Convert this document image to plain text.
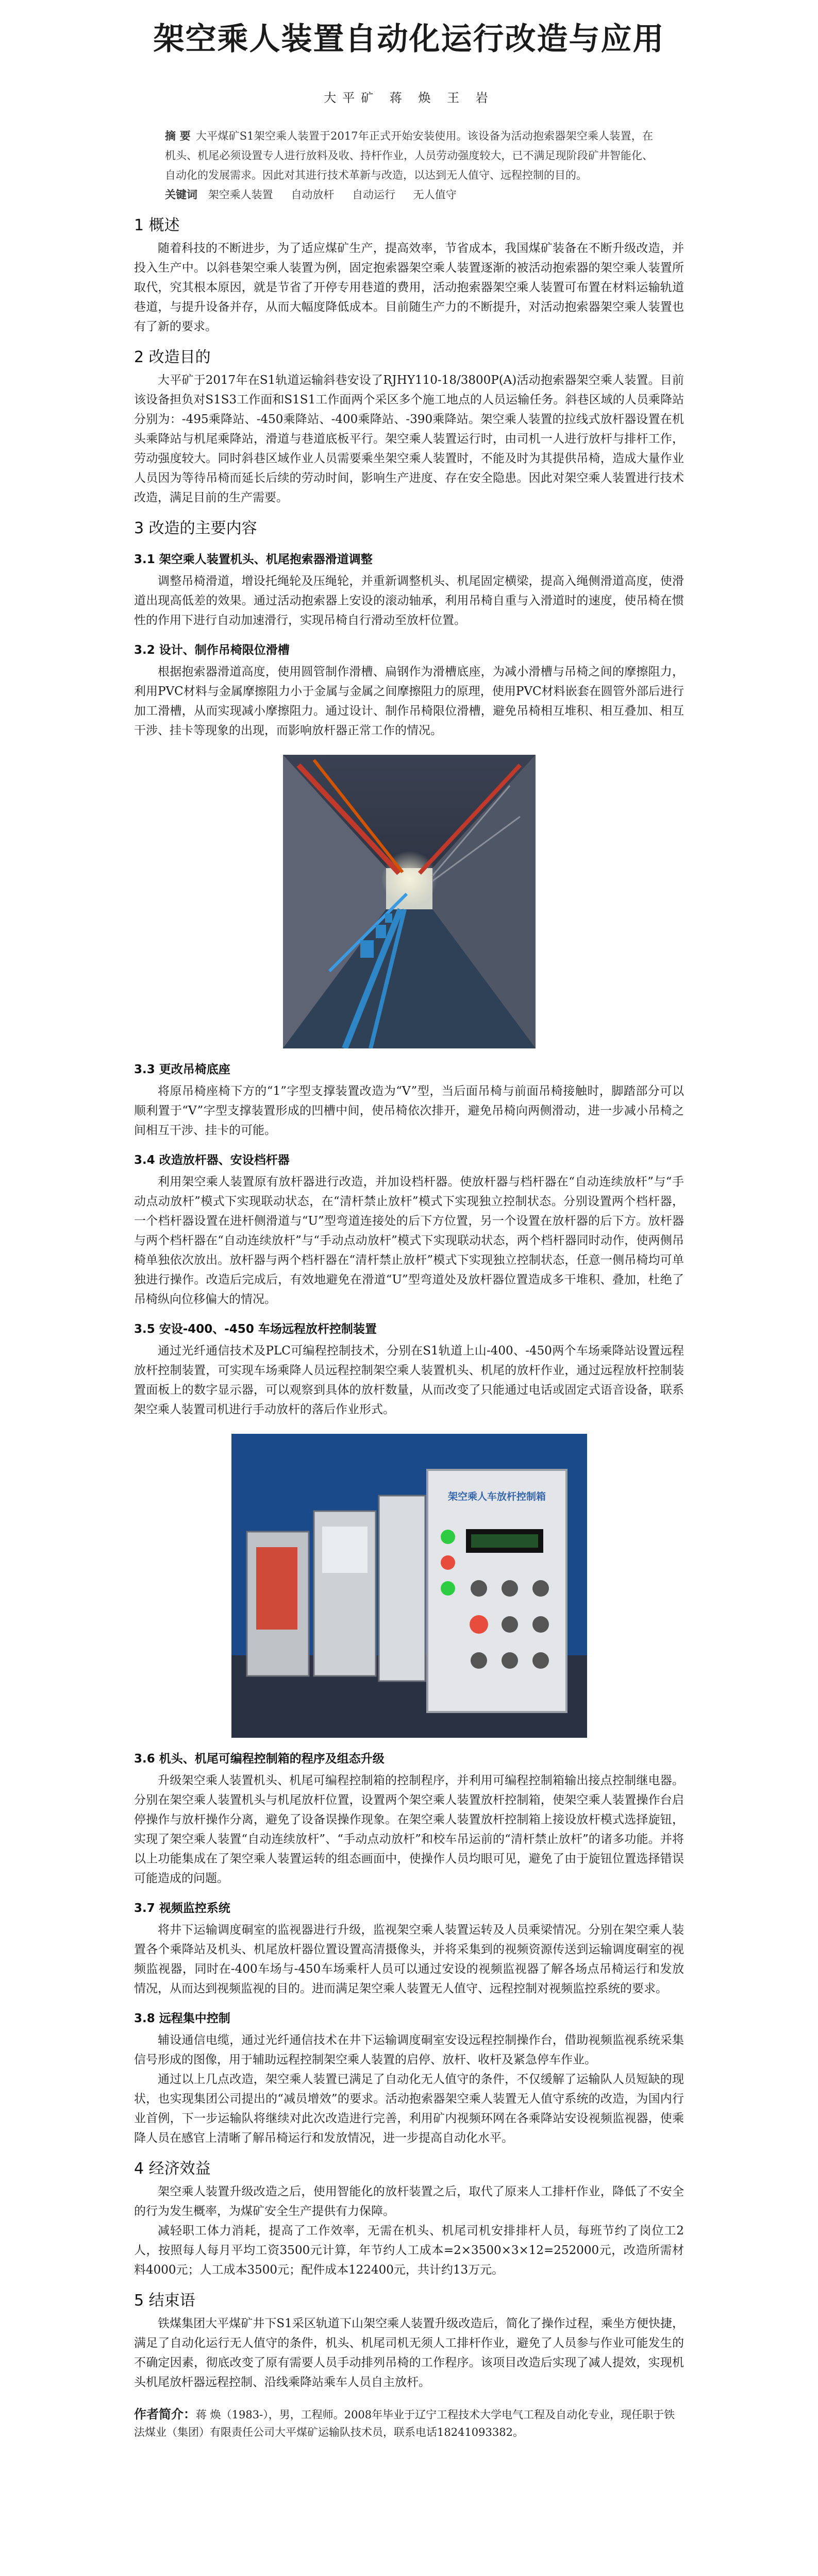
架空乘人装置自动化运行改造与应用
大平矿 蒋 焕 王 岩
摘 要 大平煤矿S1架空乘人装置于2017年正式开始安装使用。该设备为活动抱索器架空乘人装置，在机头、机尾必须设置专人进行放料及收、持杆作业，人员劳动强度较大，已不满足现阶段矿井智能化、自动化的发展需求。因此对其进行技术革新与改造，以达到无人值守、远程控制的目的。
关键词 架空乘人装置 自动放杆 自动运行 无人值守
1 概述

随着科技的不断进步，为了适应煤矿生产，提高效率，节省成本，我国煤矿装备在不断升级改造，并投入生产中。以斜巷架空乘人装置为例，固定抱索器架空乘人装置逐渐的被活动抱索器的架空乘人装置所取代，究其根本原因，就是节省了开停专用巷道的费用，活动抱索器架空乘人装置可布置在材料运输轨道巷道，与提升设备并存，从而大幅度降低成本。目前随生产力的不断提升，对活动抱索器架空乘人装置也有了新的要求。

2 改造目的

大平矿于2017年在S1轨道运输斜巷安设了RJHY110-18/3800P(A)活动抱索器架空乘人装置。目前该设备担负对S1S3工作面和S1S1工作面两个采区多个施工地点的人员运输任务。斜巷区域的人员乘降站分别为：-495乘降站、-450乘降站、-400乘降站、-390乘降站。架空乘人装置的拉线式放杆器设置在机头乘降站与机尾乘降站，滑道与巷道底板平行。架空乘人装置运行时，由司机一人进行放杆与排杆工作，劳动强度较大。同时斜巷区域作业人员需要乘坐架空乘人装置时，不能及时为其提供吊椅，造成大量作业人员因为等待吊椅而延长后续的劳动时间，影响生产进度、存在安全隐患。因此对架空乘人装置进行技术改造，满足目前的生产需要。

3 改造的主要内容
3.1 架空乘人装置机头、机尾抱索器滑道调整

调整吊椅滑道，增设托绳轮及压绳轮，并重新调整机头、机尾固定横梁，提高入绳侧滑道高度，使滑道出现高低差的效果。通过活动抱索器上安设的滚动轴承，利用吊椅自重与入滑道时的速度，使吊椅在惯性的作用下进行自动加速滑行，实现吊椅自行滑动至放杆位置。

3.2 设计、制作吊椅限位滑槽

根据抱索器滑道高度，使用圆管制作滑槽、扁钢作为滑槽底座，为减小滑槽与吊椅之间的摩擦阻力，利用PVC材料与金属摩擦阻力小于金属与金属之间摩擦阻力的原理，使用PVC材料嵌套在圆管外部后进行加工滑槽，从而实现减小摩擦阻力。通过设计、制作吊椅限位滑槽，避免吊椅相互堆积、相互叠加、相互干涉、挂卡等现象的出现，而影响放杆器正常工作的情况。

3.3 更改吊椅底座

将原吊椅座椅下方的“1”字型支撑装置改造为“V”型，当后面吊椅与前面吊椅接触时，脚踏部分可以顺利置于“V”字型支撑装置形成的凹槽中间，使吊椅依次排开，避免吊椅向两侧滑动，进一步减小吊椅之间相互干涉、挂卡的可能。

3.4 改造放杆器、安设档杆器

利用架空乘人装置原有放杆器进行改造，并加设档杆器。使放杆器与档杆器在“自动连续放杆”与“手动点动放杆”模式下实现联动状态，在“清杆禁止放杆”模式下实现独立控制状态。分别设置两个档杆器，一个档杆器设置在进杆侧滑道与“U”型弯道连接处的后下方位置，另一个设置在放杆器的后下方。放杆器与两个档杆器在“自动连续放杆”与“手动点动放杆”模式下实现联动状态，两个档杆器同时动作，使两侧吊椅单独依次放出。放杆器与两个档杆器在“清杆禁止放杆”模式下实现独立控制状态，任意一侧吊椅均可单独进行操作。改造后完成后，有效地避免在滑道“U”型弯道处及放杆器位置造成多干堆积、叠加，杜绝了吊椅纵向位移偏大的情况。

3.5 安设-400、-450 车场远程放杆控制装置

通过光纤通信技术及PLC可编程控制技术，分别在S1轨道上山-400、-450两个车场乘降站设置远程放杆控制装置，可实现车场乘降人员远程控制架空乘人装置机头、机尾的放杆作业，通过远程放杆控制装置面板上的数字显示器，可以观察到具体的放杆数量，从而改变了只能通过电话或固定式语音设备，联系架空乘人装置司机进行手动放杆的落后作业形式。

架空乘人车放杆控制箱
3.6 机头、机尾可编程控制箱的程序及组态升级

升级架空乘人装置机头、机尾可编程控制箱的控制程序，并利用可编程控制箱输出接点控制继电器。分别在架空乘人装置机头与机尾放杆位置，设置两个架空乘人装置放杆控制箱，使架空乘人装置操作台启停操作与放杆操作分离，避免了设备误操作现象。在架空乘人装置放杆控制箱上接设放杆模式选择旋钮，实现了架空乘人装置“自动连续放杆”、“手动点动放杆”和校车吊运前的“清杆禁止放杆”的诸多功能。并将以上功能集成在了架空乘人装置运转的组态画面中，使操作人员均眼可见，避免了由于旋钮位置选择错误可能造成的问题。

3.7 视频监控系统

将井下运输调度硐室的监视器进行升级，监视架空乘人装置运转及人员乘梁情况。分别在架空乘人装置各个乘降站及机头、机尾放杆器位置设置高清摄像头，并将采集到的视频资源传送到运输调度硐室的视频监视器，同时在-400车场与-450车场乘杆人员可以通过安设的视频监视器了解各场点吊椅运行和发放情况，从而达到视频监视的目的。进而满足架空乘人装置无人值守、远程控制对视频监控系统的要求。

3.8 远程集中控制

辅设通信电缆，通过光纤通信技术在井下运输调度硐室安设远程控制操作台，借助视频监视系统采集信号形成的图像，用于辅助远程控制架空乘人装置的启停、放杆、收杆及紧急停车作业。

通过以上几点改造，架空乘人装置已满足了自动化无人值守的条件，不仅缓解了运输队人员短缺的现状，也实现集团公司提出的“减员增效”的要求。活动抱索器架空乘人装置无人值守系统的改造，为国内行业首例，下一步运输队将继续对此次改造进行完善，利用矿内视频环网在各乘降站安设视频监视器，使乘降人员在感官上清晰了解吊椅运行和发放情况，进一步提高自动化水平。

4 经济效益

架空乘人装置升级改造之后，使用智能化的放杆装置之后，取代了原来人工排杆作业，降低了不安全的行为发生概率，为煤矿安全生产提供有力保障。

减轻职工体力消耗，提高了工作效率，无需在机头、机尾司机安排排杆人员，每班节约了岗位工2人，按照每人每月平均工资3500元计算，年节约人工成本=2×3500×3×12=252000元，改造所需材料4000元；人工成本3500元；配件成本122400元，共计约13万元。

5 结束语

铁煤集团大平煤矿井下S1采区轨道下山架空乘人装置升级改造后，简化了操作过程，乘坐方便快捷，满足了自动化运行无人值守的条件，机头、机尾司机无须人工排杆作业，避免了人员参与作业可能发生的不确定因素，彻底改变了原有需要人员手动排列吊椅的工作程序。该项目改造后实现了减人提效，实现机头机尾放杆器远程控制、沿线乘降站乘车人员自主放杆。

作者简介：蒋 焕（1983-），男，工程师。2008年毕业于辽宁工程技术大学电气工程及自动化专业，现任职于铁法煤业（集团）有限责任公司大平煤矿运输队技术员，联系电话18241093382。
